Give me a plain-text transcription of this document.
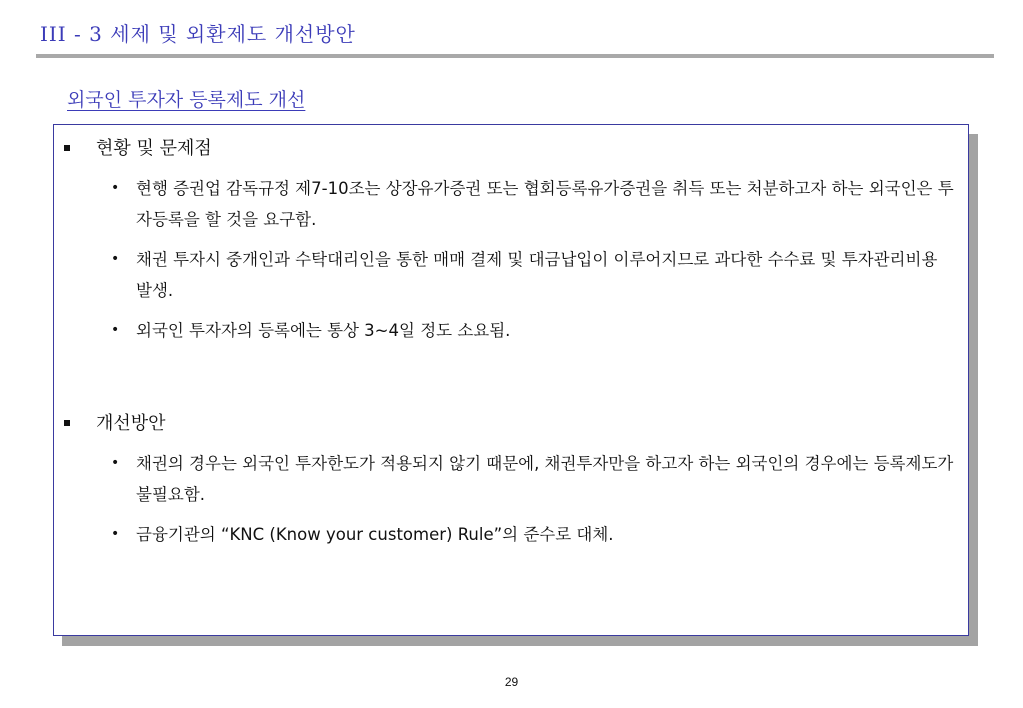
III - 3 세제 및 외환제도 개선방안
외국인 투자자 등록제도 개선
현황 및 문제점
• 현행 증권업 감독규정 제7-10조는 상장유가증권 또는 협회등록유가증권을 취득 또는 처분하고자 하는 외국인은 투자등록을 할 것을 요구함.
• 채권 투자시 중개인과 수탁대리인을 통한 매매 결제 및 대금납입이 이루어지므로 과다한 수수료 및 투자관리비용 발생.
• 외국인 투자자의 등록에는 통상 3~4일 정도 소요됨.
개선방안
• 채권의 경우는 외국인 투자한도가 적용되지 않기 때문에, 채권투자만을 하고자 하는 외국인의 경우에는 등록제도가 불필요함.
• 금융기관의 “KNC (Know your customer) Rule”의 준수로 대체.
29
